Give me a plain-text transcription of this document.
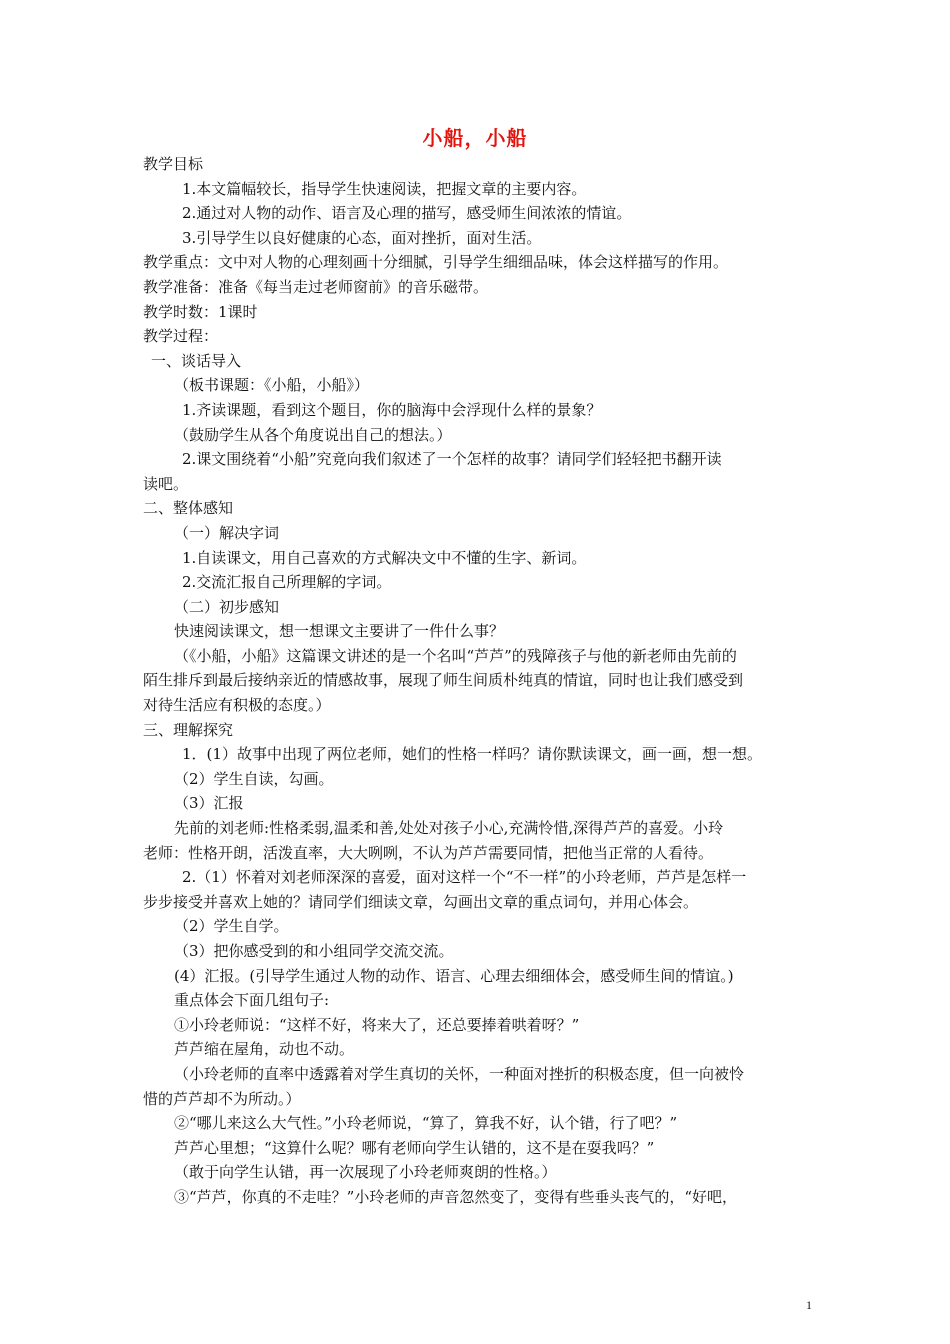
小船，小船

教学目标

1.本文篇幅较长，指导学生快速阅读，把握文章的主要内容。

2.通过对人物的动作、语言及心理的描写，感受师生间浓浓的情谊。

3.引导学生以良好健康的心态，面对挫折，面对生活。

教学重点：文中对人物的心理刻画十分细腻，引导学生细细品味，体会这样描写的作用。

教学准备：准备《每当走过老师窗前》的音乐磁带。

教学时数：1课时

教学过程：

一、谈话导入

（板书课题：《小船，小船》）

1.齐读课题，看到这个题目，你的脑海中会浮现什么样的景象？

（鼓励学生从各个角度说出自己的想法。）

2.课文围绕着“小船”究竟向我们叙述了一个怎样的故事？请同学们轻轻把书翻开读

读吧。

二、整体感知

（一）解决字词

1.自读课文，用自己喜欢的方式解决文中不懂的生字、新词。

2.交流汇报自己所理解的字词。

（二）初步感知

快速阅读课文，想一想课文主要讲了一件什么事？

（《小船，小船》这篇课文讲述的是一个名叫“芦芦”的残障孩子与他的新老师由先前的

陌生排斥到最后接纳亲近的情感故事，展现了师生间质朴纯真的情谊，同时也让我们感受到

对待生活应有积极的态度。）

三、理解探究

1．(1）故事中出现了两位老师，她们的性格一样吗？请你默读课文，画一画，想一想。

（2）学生自读，勾画。

（3）汇报

先前的刘老师:性格柔弱,温柔和善,处处对孩子小心,充满怜惜,深得芦芦的喜爱。小玲

老师：性格开朗，活泼直率，大大咧咧，不认为芦芦需要同情，把他当正常的人看待。

2.（1）怀着对刘老师深深的喜爱，面对这样一个“不一样”的小玲老师，芦芦是怎样一

步步接受并喜欢上她的？请同学们细读文章，勾画出文章的重点词句，并用心体会。

（2）学生自学。

（3）把你感受到的和小组同学交流交流。

(4）汇报。(引导学生通过人物的动作、语言、心理去细细体会，感受师生间的情谊。)

重点体会下面几组句子:

①小玲老师说：“这样不好，将来大了，还总要捧着哄着呀？”

芦芦缩在屋角，动也不动。

（小玲老师的直率中透露着对学生真切的关怀，一种面对挫折的积极态度，但一向被怜

惜的芦芦却不为所动。）

②“哪儿来这么大气性。”小玲老师说，“算了，算我不好，认个错，行了吧？”

芦芦心里想；“这算什么呢？哪有老师向学生认错的，这不是在耍我吗？”

（敢于向学生认错，再一次展现了小玲老师爽朗的性格。）

③“芦芦，你真的不走哇？”小玲老师的声音忽然变了，变得有些垂头丧气的，“好吧，

1
